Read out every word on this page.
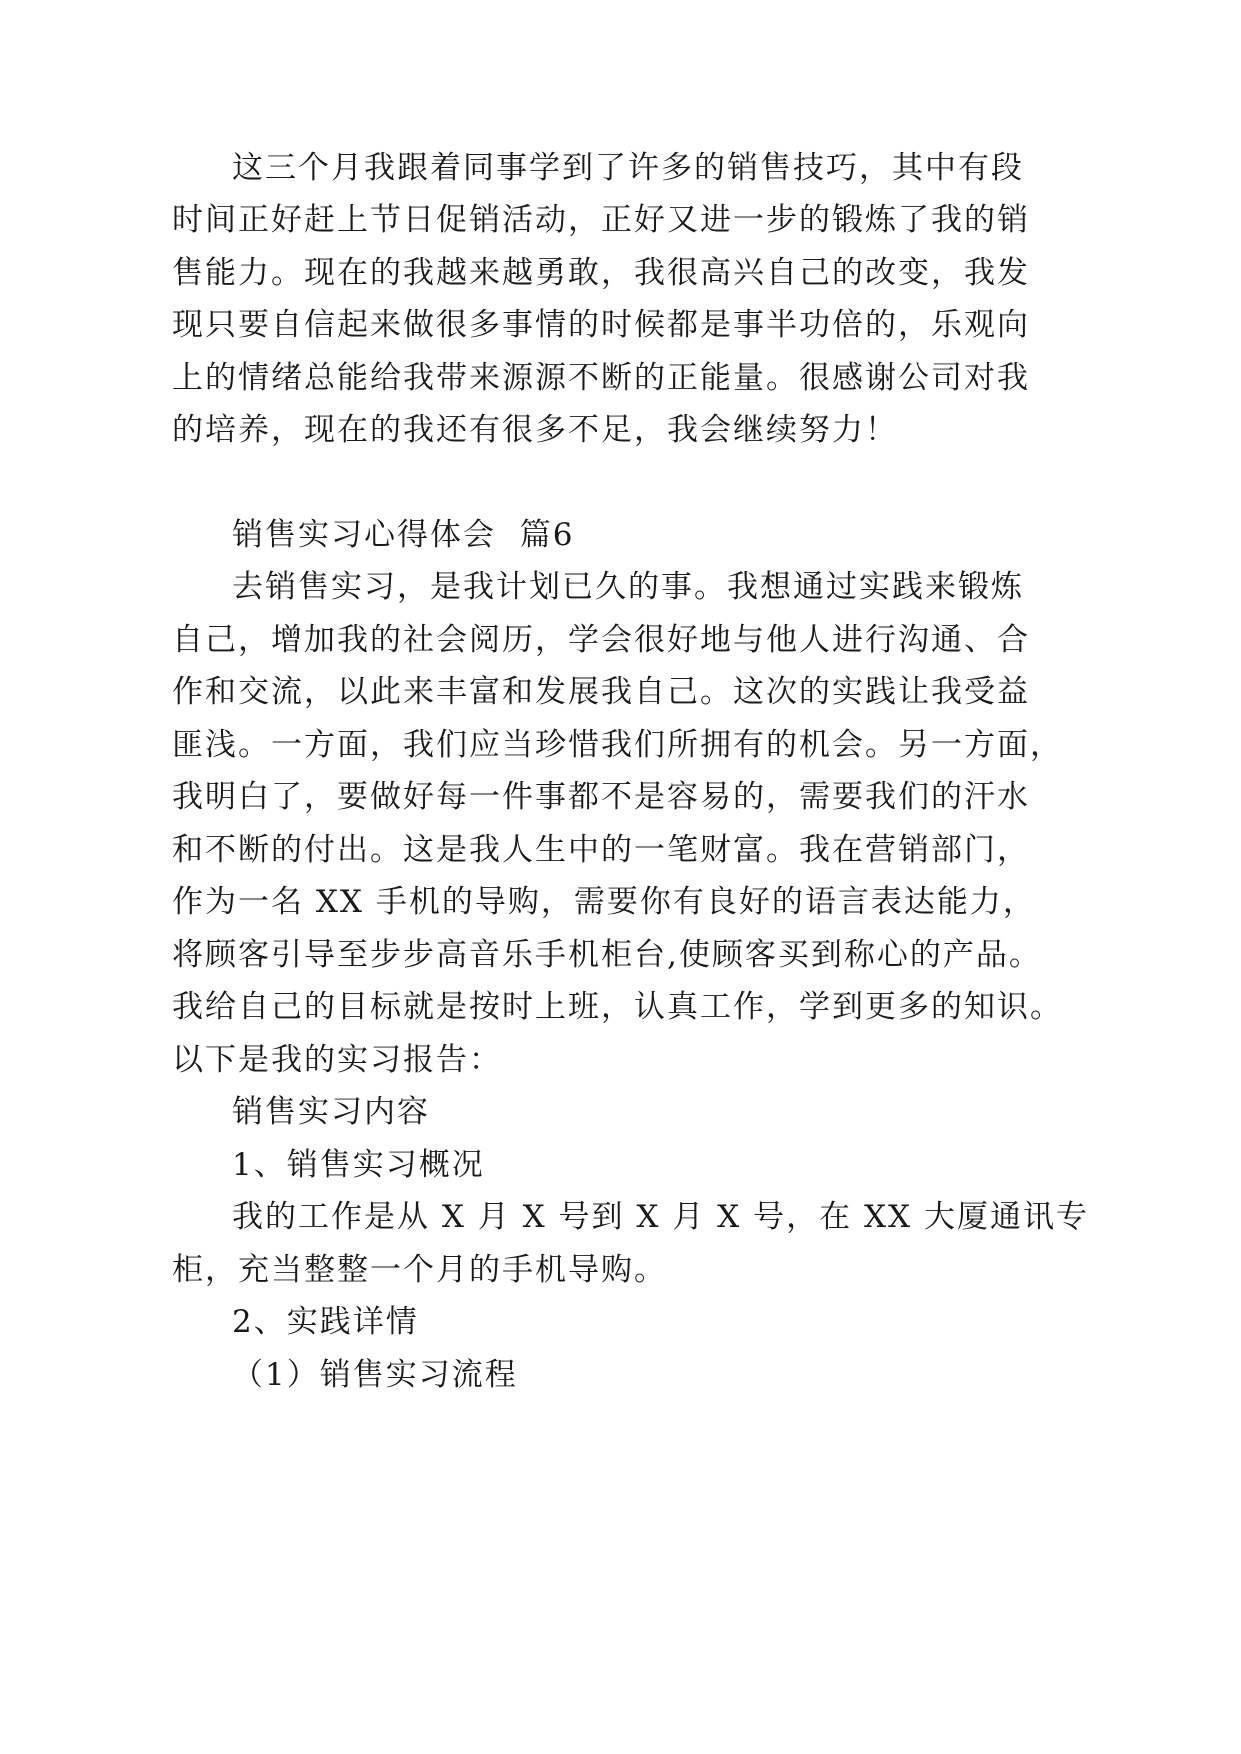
这三个月我跟着同事学到了许多的销售技巧，其中有段
时间正好赶上节日促销活动，正好又进一步的锻炼了我的销
售能力。现在的我越来越勇敢，我很高兴自己的改变，我发
现只要自信起来做很多事情的时候都是事半功倍的，乐观向
上的情绪总能给我带来源源不断的正能量。很感谢公司对我
的培养，现在的我还有很多不足，我会继续努力！
销售实习心得体会  篇6
去销售实习，是我计划已久的事。我想通过实践来锻炼
自己，增加我的社会阅历，学会很好地与他人进行沟通、合
作和交流，以此来丰富和发展我自己。这次的实践让我受益
匪浅。一方面，我们应当珍惜我们所拥有的机会。另一方面，
我明白了，要做好每一件事都不是容易的，需要我们的汗水
和不断的付出。这是我人生中的一笔财富。我在营销部门，
作为一名 XX 手机的导购，需要你有良好的语言表达能力，
将顾客引导至步步高音乐手机柜台,使顾客买到称心的产品。
我给自己的目标就是按时上班，认真工作，学到更多的知识。
以下是我的实习报告：
销售实习内容
1、销售实习概况
我的工作是从 X 月 X 号到 X 月 X 号，在 XX 大厦通讯专
柜，充当整整一个月的手机导购。
2、实践详情
（1）销售实习流程
